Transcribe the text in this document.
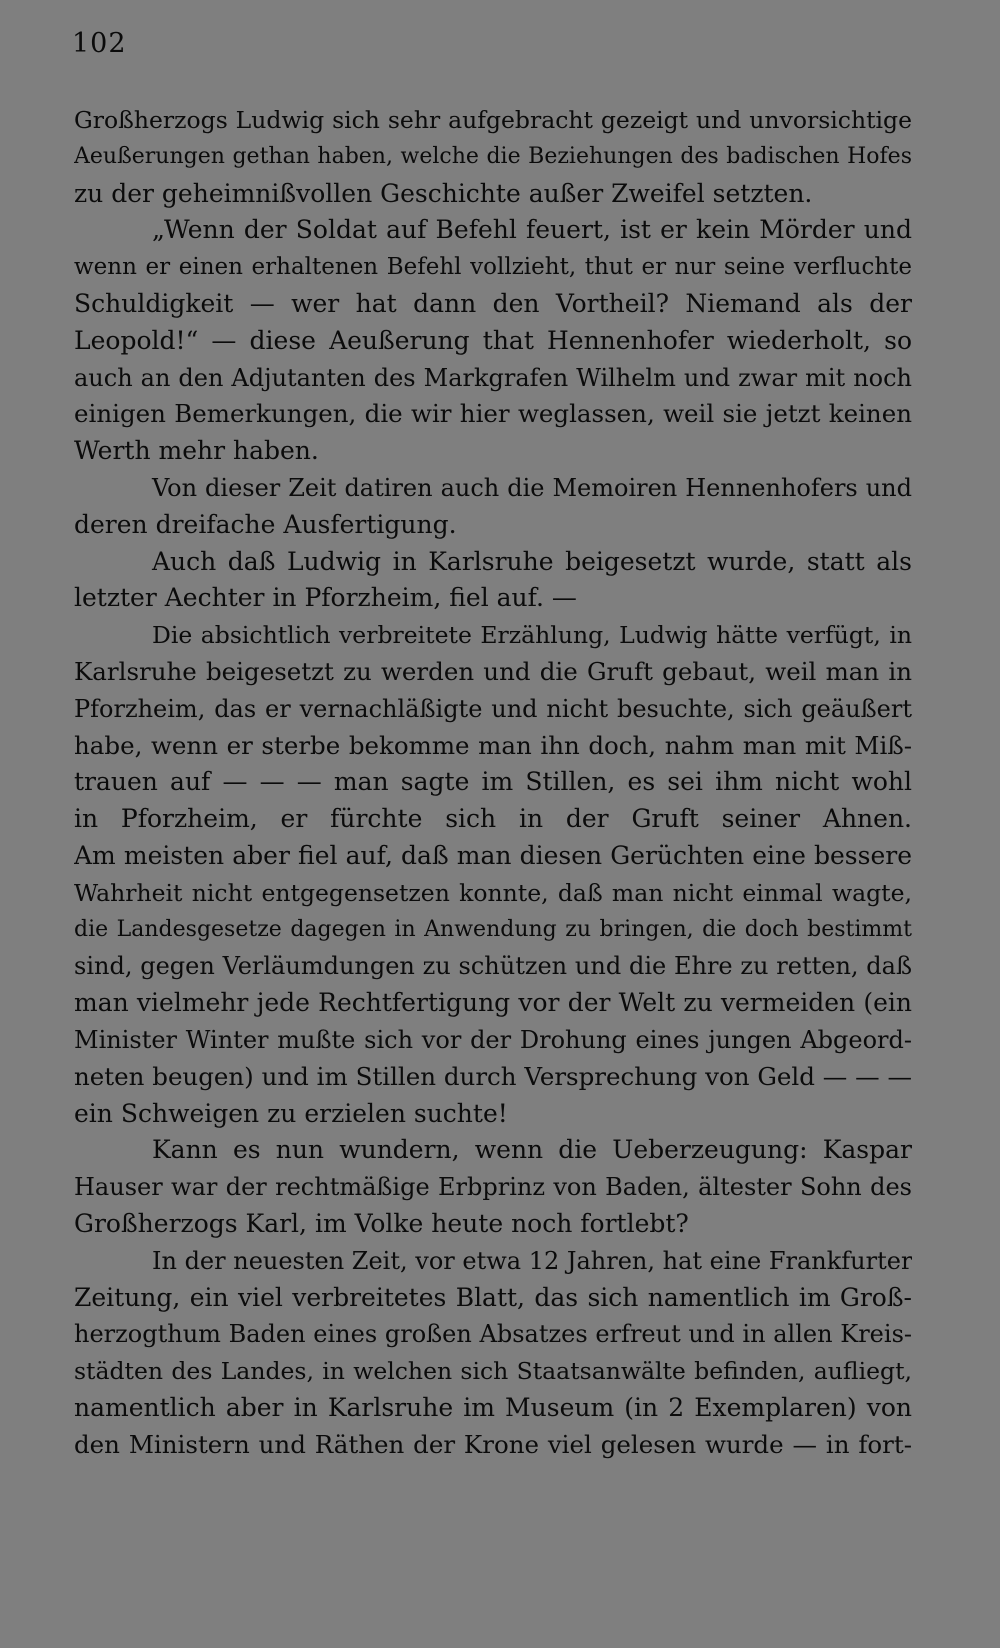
102
Großherzogs Ludwig sich sehr aufgebracht gezeigt und unvorsichtige
Aeußerungen gethan haben, welche die Beziehungen des badischen Hofes
zu der geheimnißvollen Geschichte außer Zweifel setzten.
„Wenn der Soldat auf Befehl feuert, ist er kein Mörder und
wenn er einen erhaltenen Befehl vollzieht, thut er nur seine verfluchte
Schuldigkeit — wer hat dann den Vortheil? Niemand als der
Leopold!“ — diese Aeußerung that Hennenhofer wiederholt, so
auch an den Adjutanten des Markgrafen Wilhelm und zwar mit noch
einigen Bemerkungen, die wir hier weglassen, weil sie jetzt keinen
Werth mehr haben.
Von dieser Zeit datiren auch die Memoiren Hennenhofers und
deren dreifache Ausfertigung.
Auch daß Ludwig in Karlsruhe beigesetzt wurde, statt als
letzter Aechter in Pforzheim, fiel auf. —
Die absichtlich verbreitete Erzählung, Ludwig hätte verfügt, in
Karlsruhe beigesetzt zu werden und die Gruft gebaut, weil man in
Pforzheim, das er vernachläßigte und nicht besuchte, sich geäußert
habe, wenn er sterbe bekomme man ihn doch, nahm man mit Miß-
trauen auf — — — man sagte im Stillen, es sei ihm nicht wohl
in Pforzheim, er fürchte sich in der Gruft seiner Ahnen.
Am meisten aber fiel auf, daß man diesen Gerüchten eine bessere
Wahrheit nicht entgegensetzen konnte, daß man nicht einmal wagte,
die Landesgesetze dagegen in Anwendung zu bringen, die doch bestimmt
sind, gegen Verläumdungen zu schützen und die Ehre zu retten, daß
man vielmehr jede Rechtfertigung vor der Welt zu vermeiden (ein
Minister Winter mußte sich vor der Drohung eines jungen Abgeord-
neten beugen) und im Stillen durch Versprechung von Geld — — —
ein Schweigen zu erzielen suchte!
Kann es nun wundern, wenn die Ueberzeugung: Kaspar
Hauser war der rechtmäßige Erbprinz von Baden, ältester Sohn des
Großherzogs Karl, im Volke heute noch fortlebt?
In der neuesten Zeit, vor etwa 12 Jahren, hat eine Frankfurter
Zeitung, ein viel verbreitetes Blatt, das sich namentlich im Groß-
herzogthum Baden eines großen Absatzes erfreut und in allen Kreis-
städten des Landes, in welchen sich Staatsanwälte befinden, aufliegt,
namentlich aber in Karlsruhe im Museum (in 2 Exemplaren) von
den Ministern und Räthen der Krone viel gelesen wurde — in fort-
